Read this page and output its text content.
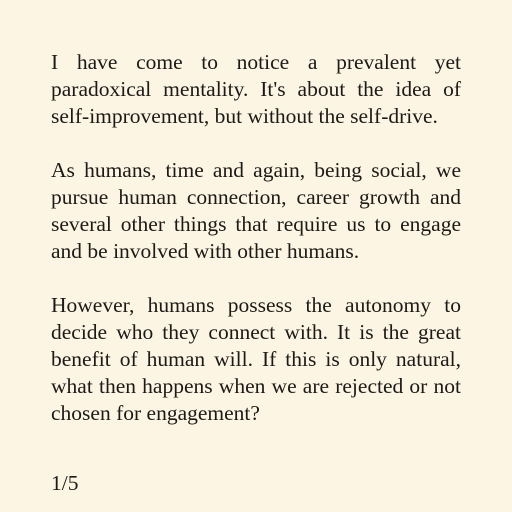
I have come to notice a prevalent yet paradoxical mentality. It's about the idea of self-improvement, but without the self-drive.

As humans, time and again, being social, we pursue human connection, career growth and several other things that require us to engage and be involved with other humans.

However, humans possess the autonomy to decide who they connect with. It is the great benefit of human will. If this is only natural, what then happens when we are rejected or not chosen for engagement?

1/5
